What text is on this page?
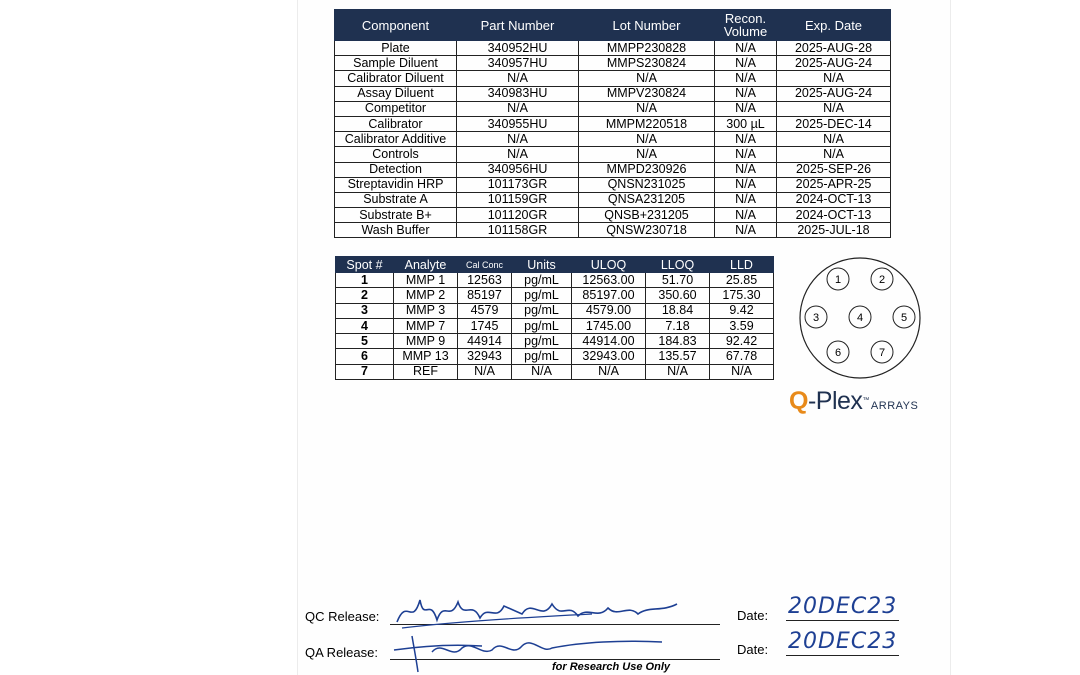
Component	Part Number	Lot Number	Recon. Volume	Exp. Date
Plate	340952HU	MMPP230828	N/A	2025-AUG-28
Sample Diluent	340957HU	MMPS230824	N/A	2025-AUG-24
Calibrator Diluent	N/A	N/A	N/A	N/A
Assay Diluent	340983HU	MMPV230824	N/A	2025-AUG-24
Competitor	N/A	N/A	N/A	N/A
Calibrator	340955HU	MMPM220518	300 µL	2025-DEC-14
Calibrator Additive	N/A	N/A	N/A	N/A
Controls	N/A	N/A	N/A	N/A
Detection	340956HU	MMPD230926	N/A	2025-SEP-26
Streptavidin HRP	101173GR	QNSN231025	N/A	2025-APR-25
Substrate A	101159GR	QNSA231205	N/A	2024-OCT-13
Substrate B+	101120GR	QNSB+231205	N/A	2024-OCT-13
Wash Buffer	101158GR	QNSW230718	N/A	2025-JUL-18
Spot #	Analyte	Cal Conc	Units	ULOQ	LLOQ	LLD
1	MMP 1	12563	pg/mL	12563.00	51.70	25.85
2	MMP 2	85197	pg/mL	85197.00	350.60	175.30
3	MMP 3	4579	pg/mL	4579.00	18.84	9.42
4	MMP 7	1745	pg/mL	1745.00	7.18	3.59
5	MMP 9	44914	pg/mL	44914.00	184.83	92.42
6	MMP 13	32943	pg/mL	32943.00	135.57	67.78
7	REF	N/A	N/A	N/A	N/A	N/A
1	2
3	4	5
6	7
Q-Plex™ ARRAYS
QC Release:	Date: 20DEC23
QA Release:	Date: 20DEC23
for Research Use Only
